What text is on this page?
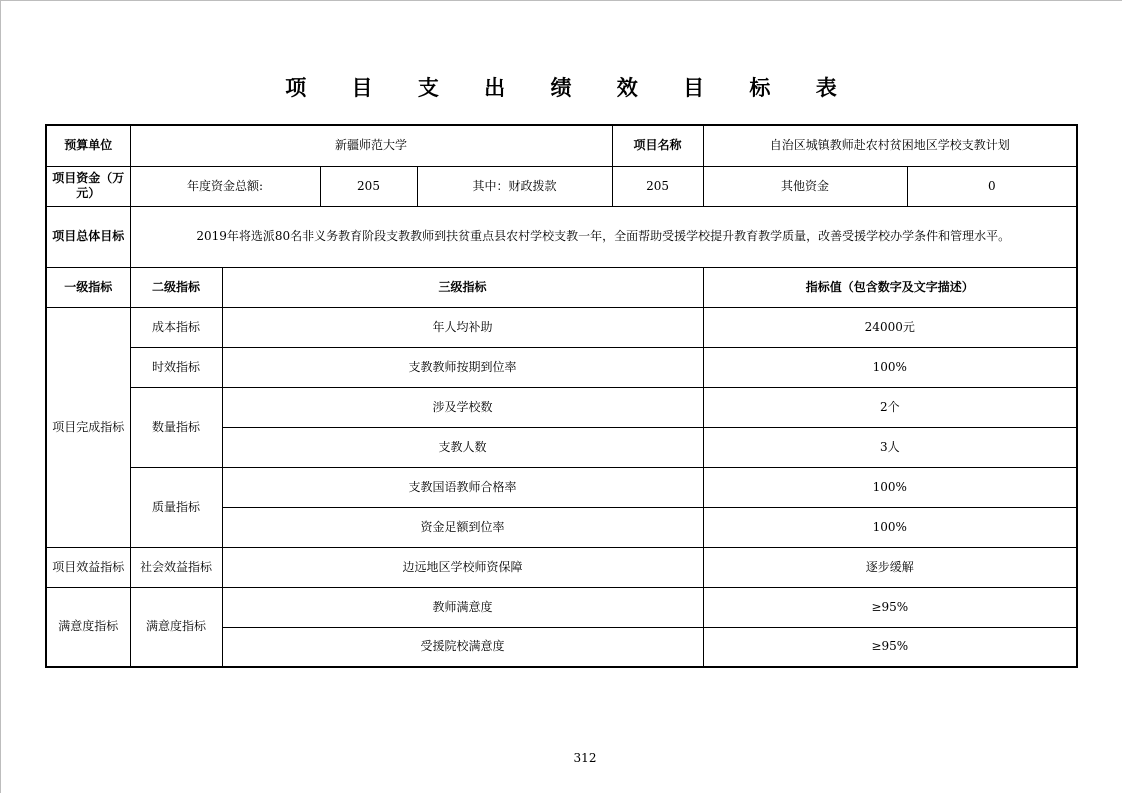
项 目 支 出 绩 效 目 标 表
预算单位	新疆师范大学				项目名称	自治区城镇教师赴农村贫困地区学校支教计划	
项目资金（万元）	年度资金总额:		205	其中：财政拨款	205	其他资金	0
项目总体目标	2019年将选派80名非义务教育阶段支教教师到扶贫重点县农村学校支教一年，全面帮助受援学校提升教育教学质量，改善受援学校办学条件和管理水平。						
一级指标	二级指标	三级指标				指标值（包含数字及文字描述）	
项目完成指标	成本指标	年人均补助				24000元	
	时效指标	支教教师按期到位率				100%	
	数量指标	涉及学校数				2个	
		支教人数				3人	
	质量指标	支教国语教师合格率				100%	
		资金足额到位率				100%	
项目效益指标	社会效益指标	边远地区学校师资保障				逐步缓解	
满意度指标	满意度指标	教师满意度				≥95%	
		受援院校满意度				≥95%	
312
